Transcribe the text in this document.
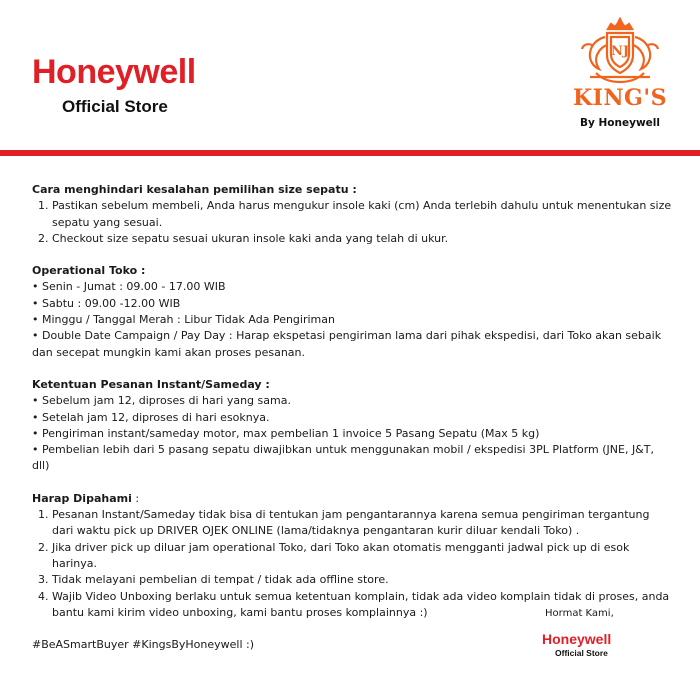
Honeywell
Official Store
NJ
KING'S
By Honeywell
Cara menghindari kesalahan pemilihan size sepatu :
1. Pastikan sebelum membeli, Anda harus mengukur insole kaki (cm) Anda terlebih dahulu untuk menentukan size sepatu yang sesuai.
2. Checkout size sepatu sesuai ukuran insole kaki anda yang telah di ukur.
Operational Toko :
• Senin - Jumat : 09.00 - 17.00 WIB
• Sabtu : 09.00 -12.00 WIB
• Minggu / Tanggal Merah : Libur Tidak Ada Pengiriman
• Double Date Campaign / Pay Day : Harap ekspetasi pengiriman lama dari pihak ekspedisi, dari Toko akan sebaik dan secepat mungkin kami akan proses pesanan.
Ketentuan Pesanan Instant/Sameday :
• Sebelum jam 12, diproses di hari yang sama.
• Setelah jam 12, diproses di hari esoknya.
• Pengiriman instant/sameday motor, max pembelian 1 invoice 5 Pasang Sepatu (Max 5 kg)
• Pembelian lebih dari 5 pasang sepatu diwajibkan untuk menggunakan mobil / ekspedisi 3PL Platform (JNE, J&T, dll)
Harap Dipahami :
1. Pesanan Instant/Sameday tidak bisa di tentukan jam pengantarannya karena semua pengiriman tergantung dari waktu pick up DRIVER OJEK ONLINE (lama/tidaknya pengantaran kurir diluar kendali Toko) .
2. Jika driver pick up diluar jam operational Toko, dari Toko akan otomatis mengganti jadwal pick up di esok harinya.
3. Tidak melayani pembelian di tempat / tidak ada offline store.
4. Wajib Video Unboxing berlaku untuk semua ketentuan komplain, tidak ada video komplain tidak di proses, anda bantu kami kirim video unboxing, kami bantu proses komplainnya :)
#BeASmartBuyer #KingsByHoneywell :)
Hormat Kami,
Honeywell
Official Store
